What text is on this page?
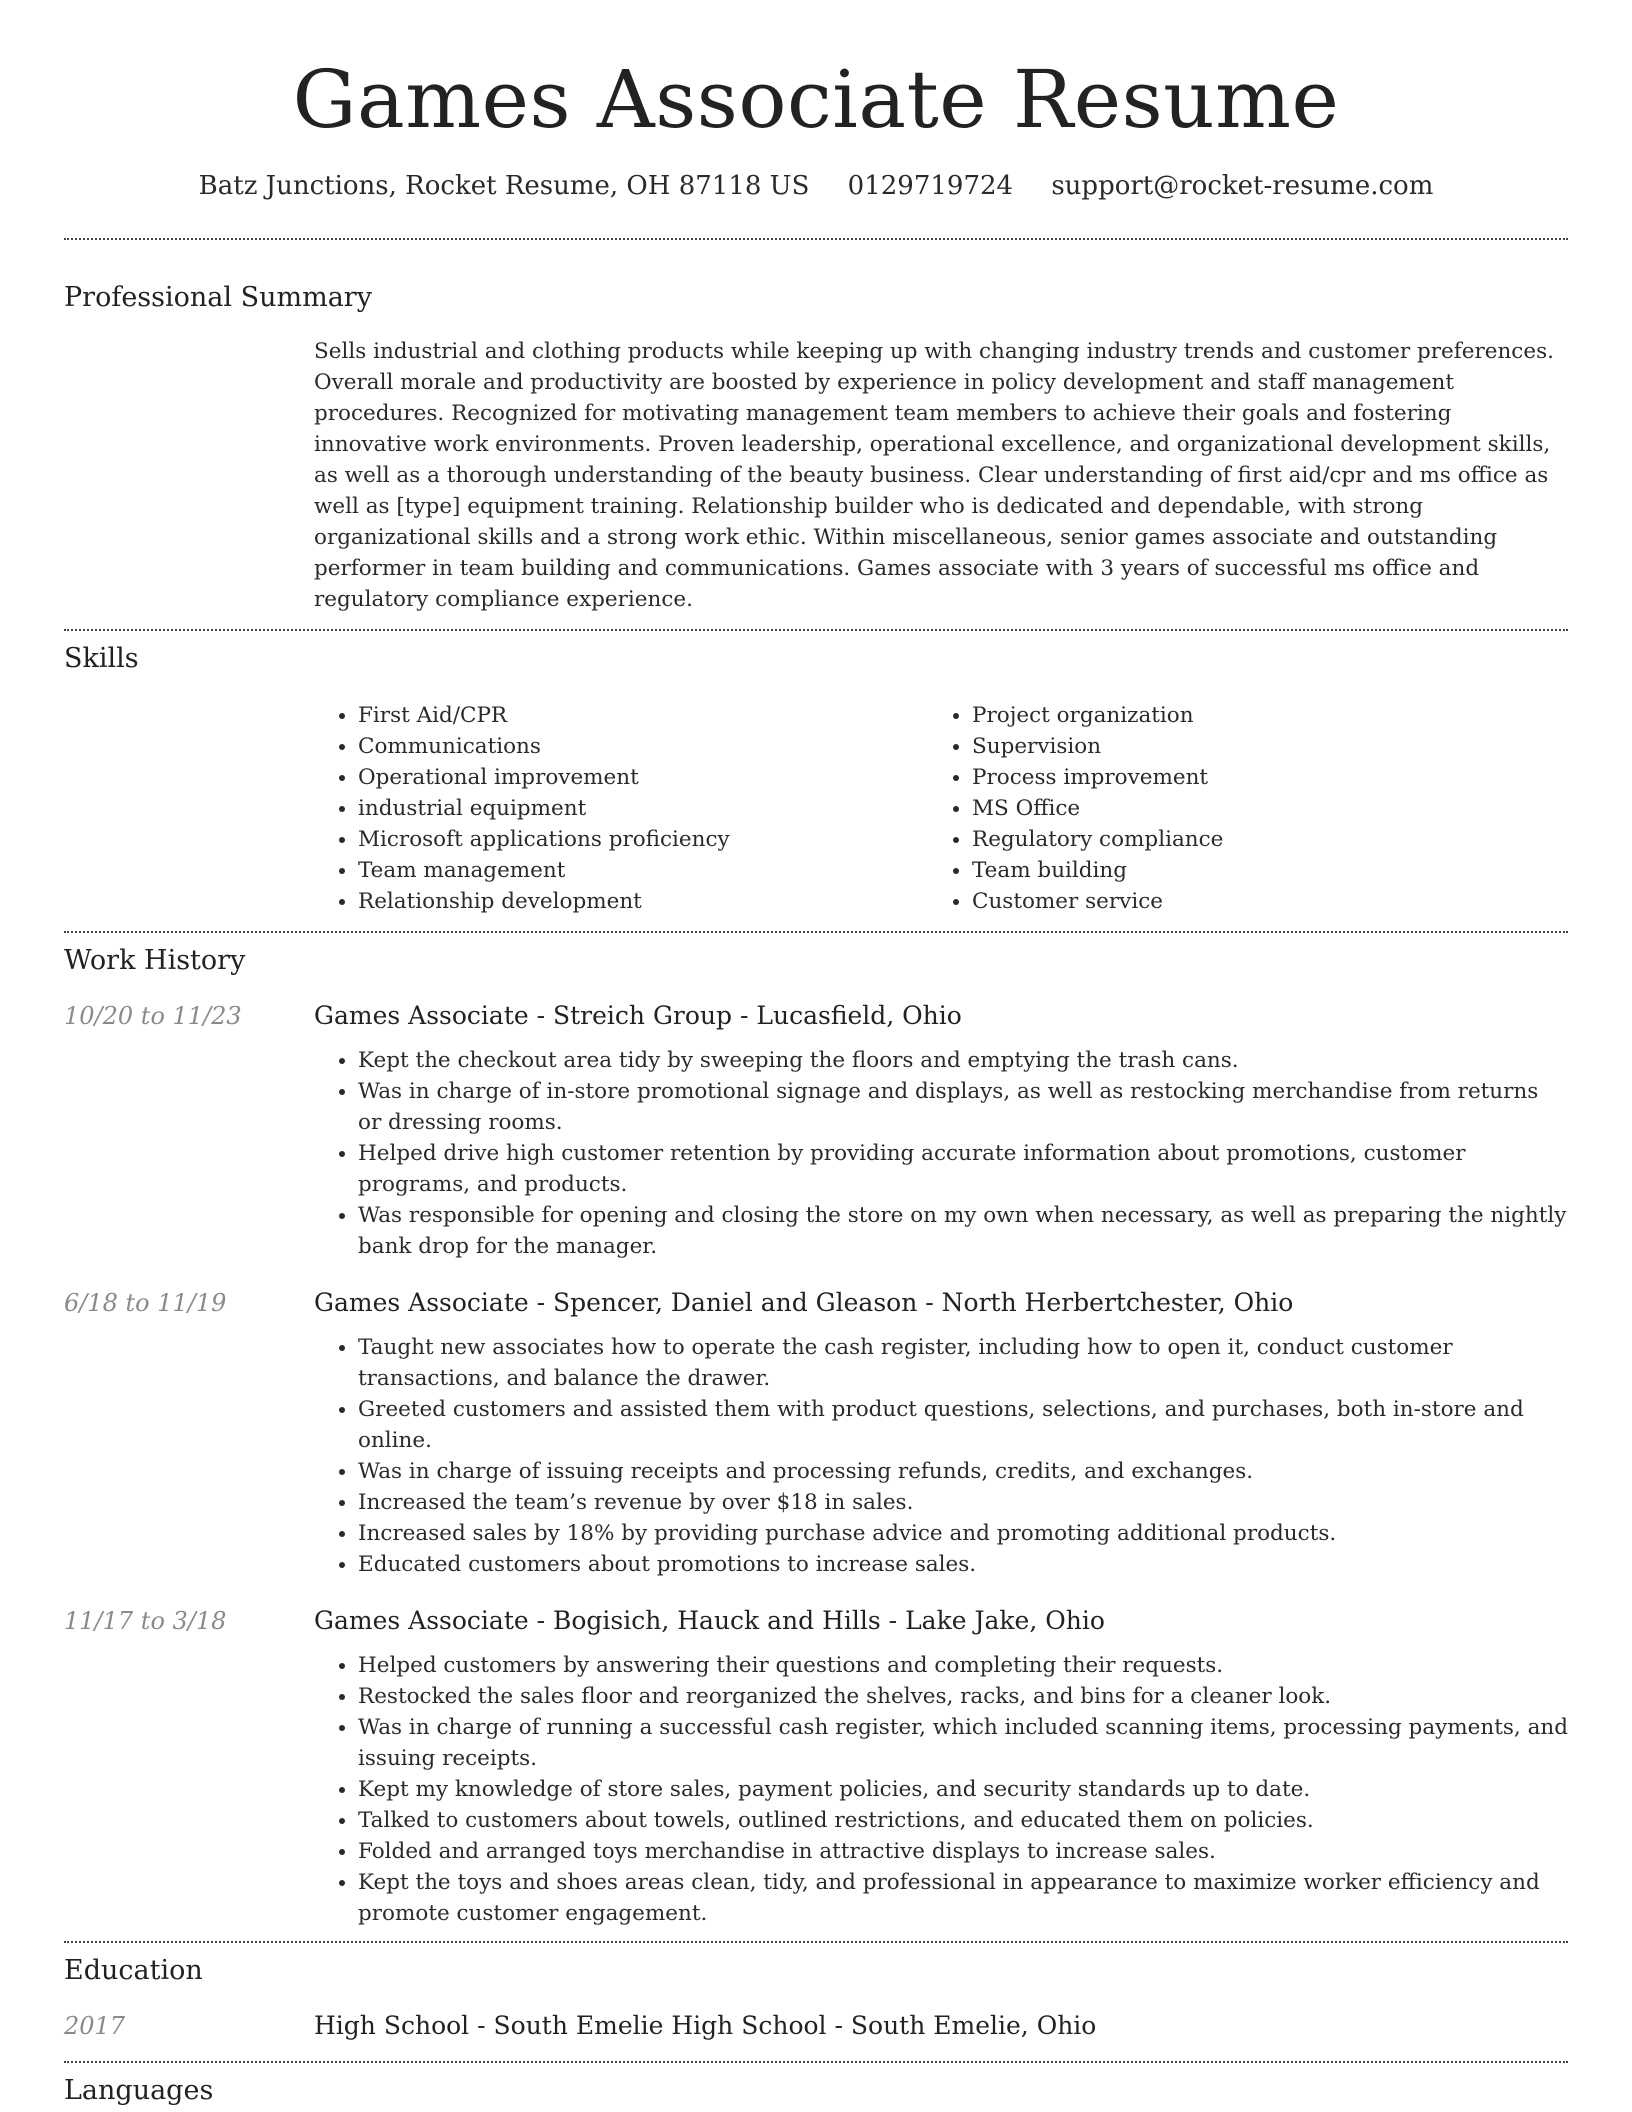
Games Associate Resume
Batz Junctions, Rocket Resume, OH 87118 US 0129719724 support@rocket-resume.com
Professional Summary
Sells industrial and clothing products while keeping up with changing industry trends and customer preferences. Overall morale and productivity are boosted by experience in policy development and staff management procedures. Recognized for motivating management team members to achieve their goals and fostering innovative work environments. Proven leadership, operational excellence, and organizational development skills, as well as a thorough understanding of the beauty business. Clear understanding of first aid/cpr and ms office as well as [type] equipment training. Relationship builder who is dedicated and dependable, with strong organizational skills and a strong work ethic. Within miscellaneous, senior games associate and outstanding performer in team building and communications. Games associate with 3 years of successful ms office and regulatory compliance experience.
Skills
• First Aid/CPR
• Communications
• Operational improvement
• industrial equipment
• Microsoft applications proficiency
• Team management
• Relationship development
• Project organization
• Supervision
• Process improvement
• MS Office
• Regulatory compliance
• Team building
• Customer service
Work History
10/20 to 11/23	Games Associate - Streich Group - Lucasfield, Ohio
• Kept the checkout area tidy by sweeping the floors and emptying the trash cans.
• Was in charge of in-store promotional signage and displays, as well as restocking merchandise from returns or dressing rooms.
• Helped drive high customer retention by providing accurate information about promotions, customer programs, and products.
• Was responsible for opening and closing the store on my own when necessary, as well as preparing the nightly bank drop for the manager.
6/18 to 11/19	Games Associate - Spencer, Daniel and Gleason - North Herbertchester, Ohio
• Taught new associates how to operate the cash register, including how to open it, conduct customer transactions, and balance the drawer.
• Greeted customers and assisted them with product questions, selections, and purchases, both in-store and online.
• Was in charge of issuing receipts and processing refunds, credits, and exchanges.
• Increased the team’s revenue by over $18 in sales.
• Increased sales by 18% by providing purchase advice and promoting additional products.
• Educated customers about promotions to increase sales.
11/17 to 3/18	Games Associate - Bogisich, Hauck and Hills - Lake Jake, Ohio
• Helped customers by answering their questions and completing their requests.
• Restocked the sales floor and reorganized the shelves, racks, and bins for a cleaner look.
• Was in charge of running a successful cash register, which included scanning items, processing payments, and issuing receipts.
• Kept my knowledge of store sales, payment policies, and security standards up to date.
• Talked to customers about towels, outlined restrictions, and educated them on policies.
• Folded and arranged toys merchandise in attractive displays to increase sales.
• Kept the toys and shoes areas clean, tidy, and professional in appearance to maximize worker efficiency and promote customer engagement.
Education
2017	High School - South Emelie High School - South Emelie, Ohio
Languages
